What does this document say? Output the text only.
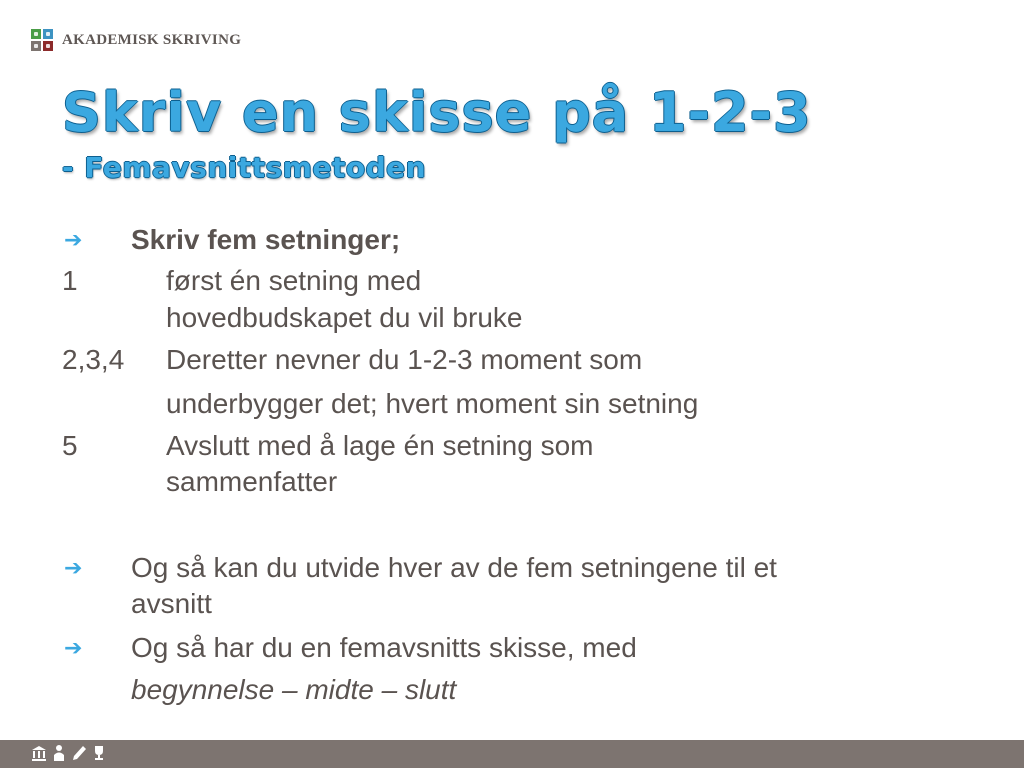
AKADEMISK SKRIVING
Skriv en skisse på 1-2-3
- Femavsnittsmetoden
➔ Skriv fem setninger;
1	først én setning med
hovedbudskapet du vil bruke
2,3,4 Deretter nevner du 1-2-3 moment som
underbygger det; hvert moment sin setning
5	Avslutt med å lage én setning som
sammenfatter
➔ Og så kan du utvide hver av de fem setningene til et
avsnitt
➔ Og så har du en femavsnitts skisse, med
begynnelse – midte – slutt
